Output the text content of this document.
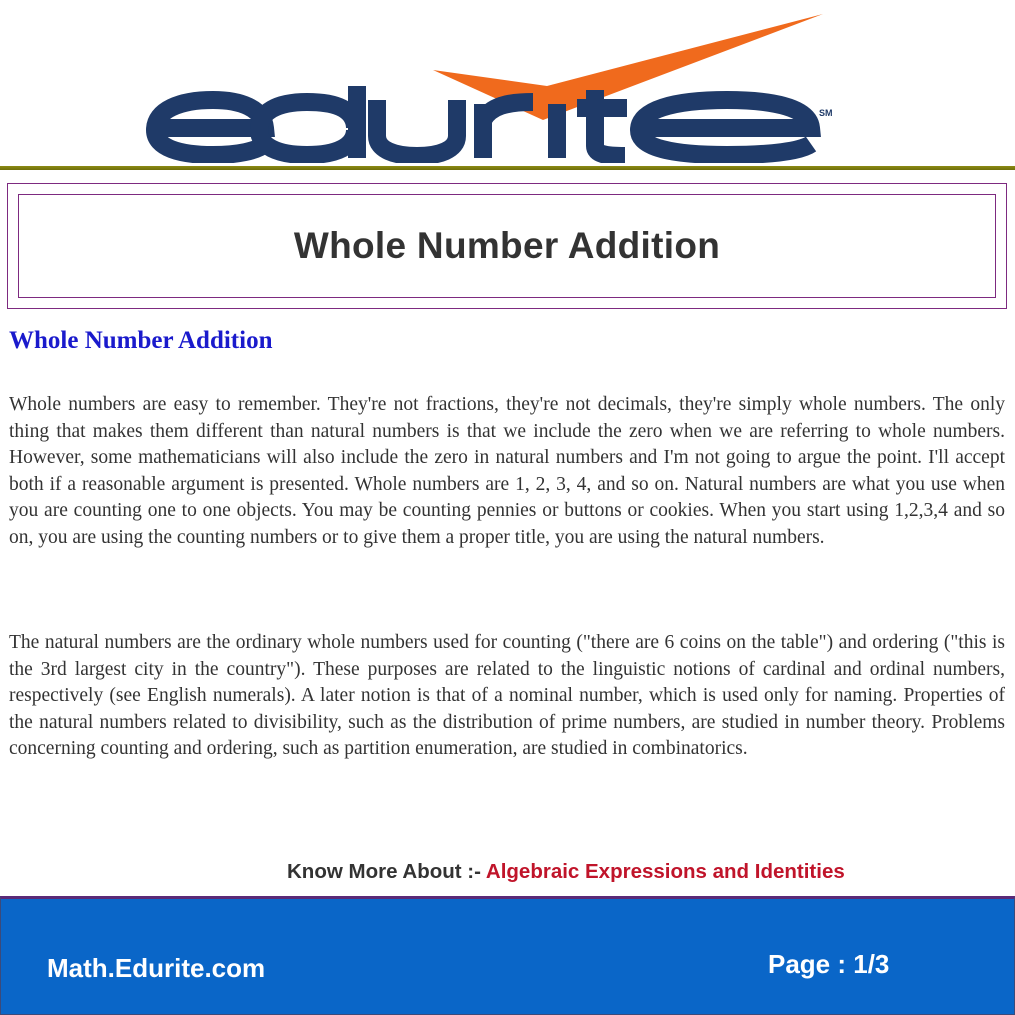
SM
Whole Number Addition
Whole Number Addition

Whole numbers are easy to remember. They're not fractions, they're not decimals, they're simply whole numbers. The only thing that makes them different than natural numbers is that we include the zero when we are referring to whole numbers. However, some mathematicians will also include the zero in natural numbers and I'm not going to argue the point. I'll accept both if a reasonable argument is presented. Whole numbers are 1, 2, 3, 4, and so on. Natural numbers are what you use when you are counting one to one objects. You may be counting pennies or buttons or cookies. When you start using 1,2,3,4 and so on, you are using the counting numbers or to give them a proper title, you are using the natural numbers.

The natural numbers are the ordinary whole numbers used for counting ("there are 6 coins on the table") and ordering ("this is the 3rd largest city in the country"). These purposes are related to the linguistic notions of cardinal and ordinal numbers, respectively (see English numerals). A later notion is that of a nominal number, which is used only for naming. Properties of the natural numbers related to divisibility, such as the distribution of prime numbers, are studied in number theory. Problems concerning counting and ordering, such as partition enumeration, are studied in combinatorics.

Know More About :- Algebraic Expressions and Identities
Math.Edurite.com	Page : 1/3
